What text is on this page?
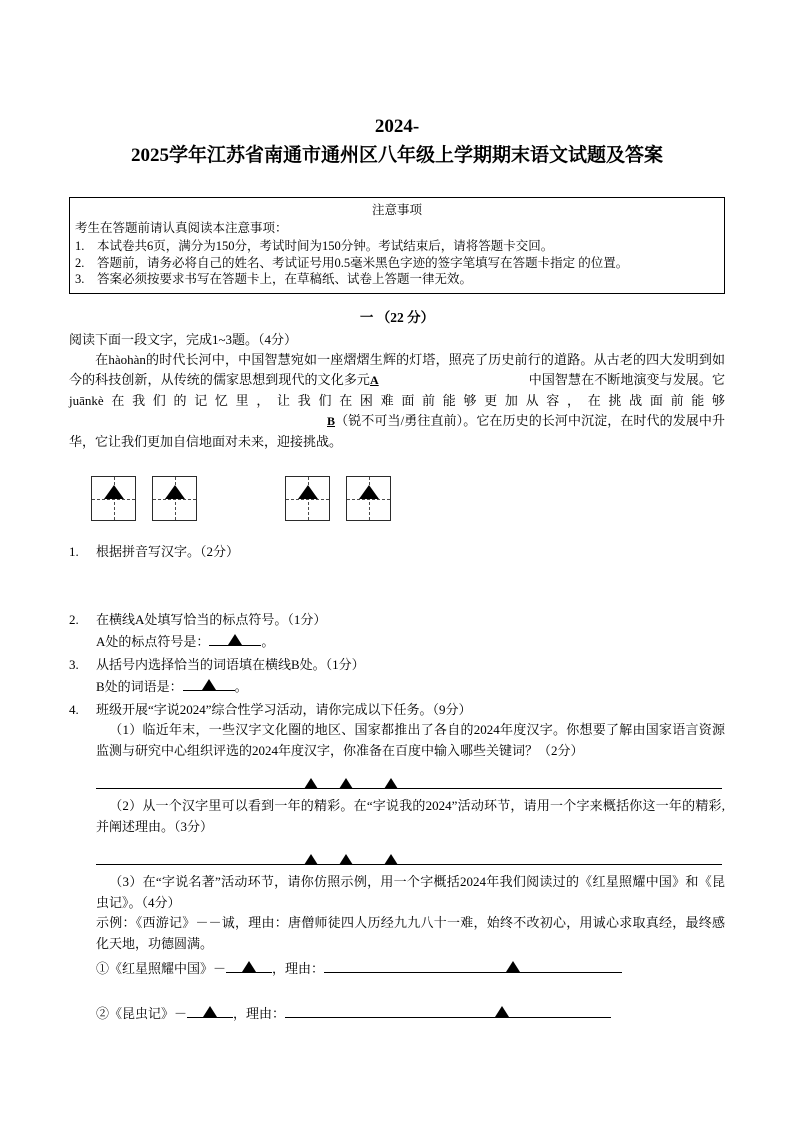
2024-
2025学年江苏省南通市通州区八年级上学期期末语文试题及答案
注意事项
考生在答题前请认真阅读本注意事项：
1.	本试卷共6页，满分为150分，考试时间为150分钟。考试结束后，请将答题卡交回。
2.	答题前，请务必将自己的姓名、考试证号用0.5毫米黑色字迹的签字笔填写在答题卡指定 的位置。
3.	答案必须按要求书写在答题卡上，在草稿纸、试卷上答题一律无效。
一 （22 分）
阅读下面一段文字，完成1~3题。（4分）
在hàohàn的时代长河中，中国智慧宛如一座熠熠生辉的灯塔，照亮了历史前行的道路。从古老的四大发明到如今的科技创新，从传统的儒家思想到现代的文化多元A	中国智慧在不断地演变与发展。它juānkè在我们的记忆里，让我们在困难面前能够更加从容，在挑战面前能够B（锐不可当/勇往直前）。它在历史的长河中沉淀，在时代的发展中升华，它让我们更加自信地面对未来，迎接挑战。
1.	根据拼音写汉字。（2分）
2.	在横线A处填写恰当的标点符号。（1分）
A处的标点符号是：	。
3.	从括号内选择恰当的词语填在横线B处。（1分）
B处的词语是：	。
4.	班级开展“字说2024”综合性学习活动，请你完成以下任务。（9分）
（1）临近年末，一些汉字文化圈的地区、国家都推出了各自的2024年度汉字。你想要了解由国家语言资源监测与研究中心组织评选的2024年度汉字，你准备在百度中输入哪些关键词？（2分）
（2）从一个汉字里可以看到一年的精彩。在“字说我的2024”活动环节，请用一个字来概括你这一年的精彩,并阐述理由。（3分）
（3）在“字说名著”活动环节，请你仿照示例，用一个字概括2024年我们阅读过的《红星照耀中国》和《昆虫记》。（4分）
示例：《西游记》－－诚，理由：唐僧师徒四人历经九九八十一难，始终不改初心，用诚心求取真经，最终感化天地，功德圆满。
①《红星照耀中国》－	，理由：
②《昆虫记》－	，理由：
